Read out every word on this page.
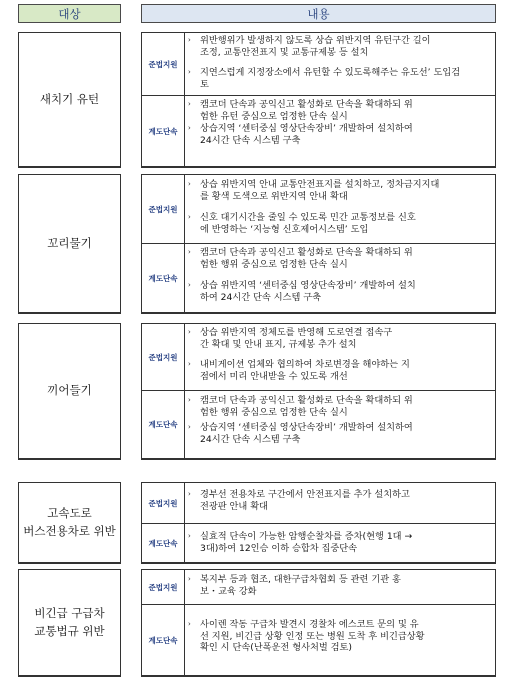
대상	내용
새치기 유턴
준법지원
› 위반행위가 발생하지 않도록 상습 위반지역 유턴구간 길이
조정, 교통안전표지 및 교통규제봉 등 설치
› 지연스럽게 지정장소에서 유턴할 수 있도록해주는 유도선’ 도입검
토
계도단속
› 캠코더 단속과 공익신고 활성화로 단속을 확대하되 위
험한 유턴 중심으로 엄정한 단속 실시
› 상습지역 ‘센터중심 영상단속장비’ 개발하여 설치하여
24시간 단속 시스템 구축
꼬리물기
준법지원
› 상습 위반지역 안내 교통안전표지를 설치하고, 정차금지지대
를 황색 도색으로 위반지역 안내 확대
› 신호 대기시간을 줄일 수 있도록 민간 교통정보를 신호
에 반영하는 ‘지능형 신호제어시스템’ 도입
계도단속
› 캠코더 단속과 공익신고 활성화로 단속을 확대하되 위
험한 행위 중심으로 엄정한 단속 실시
› 상습 위반지역 ‘센터중심 영상단속장비’ 개발하여 설치
하여 24시간 단속 시스템 구축
끼어들기
준법지원
› 상습 위반지역 정체도를 반영해 도로연결 접속구
간 확대 및 안내 표지, 규제봉 추가 설치
› 내비게이션 업체와 협의하여 차로변경을 해야하는 지
점에서 미리 안내받을 수 있도록 개선
계도단속
› 캠코더 단속과 공익신고 활성화로 단속을 확대하되 위
험한 행위 중심으로 엄정한 단속 실시
› 상습지역 ‘센터중심 영상단속장비’ 개발하여 설치하여
24시간 단속 시스템 구축
고속도로
버스전용차로 위반
준법지원
› 경부선 전용차로 구간에서 안전표지를 추가 설치하고
전광판 안내 확대
계도단속
› 실효적 단속이 가능한 암행순찰차를 증차(현행 1대 →
3대)하여 12인승 이하 승합차 집중단속
비긴급 구급차
교통법규 위반
준법지원
› 복지부 등과 협조, 대한구급차협회 등 관련 기관 홍
보・교육 강화
계도단속
› 사이렌 작동 구급차 발견시 경찰차 에스코트 문의 및 유
선 지원, 비긴급 상황 인정 또는 병원 도착 후 비긴급상황
확인 시 단속(난폭운전 형사처벌 검토)
